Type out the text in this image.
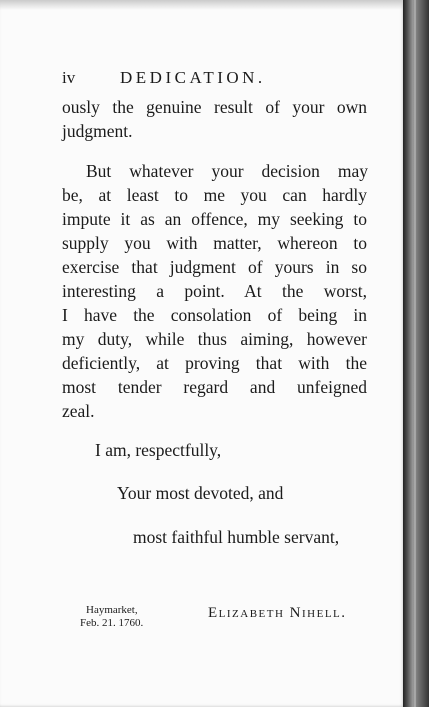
iv	DEDICATION.
ously the genuine result of your own
judgment.
But whatever your decision may
be, at least to me you can hardly
impute it as an offence, my seeking to
supply you with matter, whereon to
exercise that judgment of yours in so
interesting a point. At the worst,
I have the consolation of being in
my duty, while thus aiming, however
deficiently, at proving that with the
most tender regard and unfeigned
zeal.
I am, respectfully,
Your most devoted, and
most faithful humble servant,
Haymarket,
Feb. 21. 1760.
Elizabeth Nihell.
